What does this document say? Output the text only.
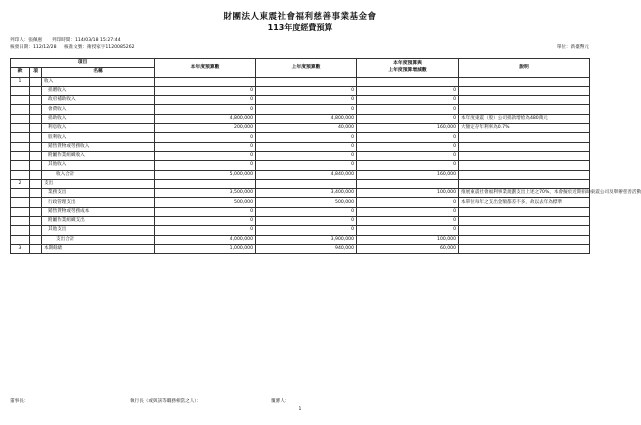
財團法人東震社會福利慈善事業基金會
113年度經費預算
列印人：張佩惠 列印時間：114/03/18 15:27:44
核發日期：112/12/28 核准文號：衛授家字1120085262	單位：新臺幣元
項目			本年度預算數	上年度預算數	本年度預算與
上年度預算增減數	說明
款	項	名稱				
1		收入				
		捐贈收入	0	0	0	
		政府補助收入	0	0	0	
		會費收入	0	0	0	
		捐助收入	4,800,000	4,800,000	0	本年度東震（股）公司捐款增給為480萬元
		利息收入	200,000	40,000	160,000	大額定存年利率為0.7%
		股利收入	0	0	0	
		銷售貨物或勞務收入	0	0	0	
		附屬作業組織收入	0	0	0	
		其他收入	0	0	0	
		收入合計	5,000,000	4,840,000	160,000	
2		支出				
		業務支出	3,500,000	3,400,000	100,000	推展東震社會福利事業規劃支出上述之70%，本會擬於近期捐助東震公司及舉辦慈善活動
		行政管理支出	500,000	500,000	0	本單位每年之支出金額都差不多，故以去年為標準
		銷售貨物或勞務成本	0	0	0	
		附屬作業組織支出	0	0	0	
		其他支出	0	0	0	
		支出合計	4,000,000	3,900,000	100,000	
3		本期餘絀	1,000,000	940,000	60,000	
董事長：	執行長（或與該等職務相當之人）：	覆審人：
1
